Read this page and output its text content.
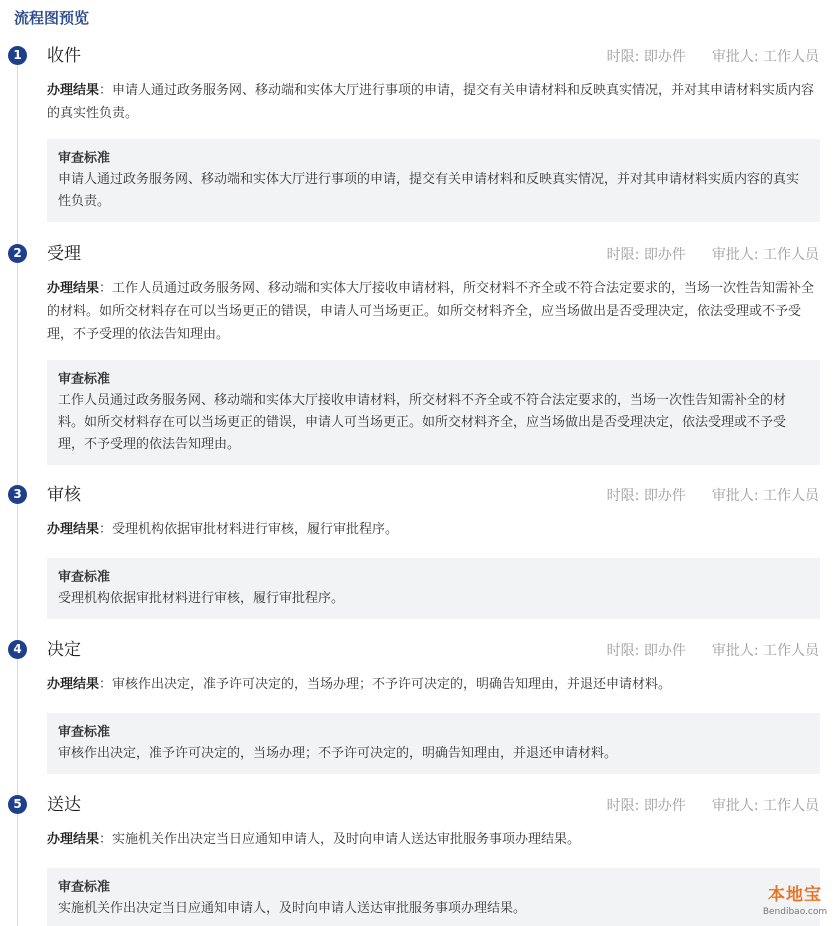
流程图预览
1	收件	时限: 即办件 审批人: 工作人员
办理结果：申请人通过政务服务网、移动端和实体大厅进行事项的申请，提交有关申请材料和反映真实情况，并对其申请材料实质内容的真实性负责。
审查标准
申请人通过政务服务网、移动端和实体大厅进行事项的申请，提交有关申请材料和反映真实情况，并对其申请材料实质内容的真实性负责。
2	受理	时限: 即办件 审批人: 工作人员
办理结果：工作人员通过政务服务网、移动端和实体大厅接收申请材料，所交材料不齐全或不符合法定要求的，当场一次性告知需补全的材料。如所交材料存在可以当场更正的错误，申请人可当场更正。如所交材料齐全，应当场做出是否受理决定，依法受理或不予受理，不予受理的依法告知理由。
审查标准
工作人员通过政务服务网、移动端和实体大厅接收申请材料，所交材料不齐全或不符合法定要求的，当场一次性告知需补全的材料。如所交材料存在可以当场更正的错误，申请人可当场更正。如所交材料齐全，应当场做出是否受理决定，依法受理或不予受理，不予受理的依法告知理由。
3	审核	时限: 即办件 审批人: 工作人员
办理结果：受理机构依据审批材料进行审核，履行审批程序。
审查标准
受理机构依据审批材料进行审核，履行审批程序。
4	决定	时限: 即办件 审批人: 工作人员
办理结果：审核作出决定，准予许可决定的，当场办理；不予许可决定的，明确告知理由，并退还申请材料。
审查标准
审核作出决定，准予许可决定的，当场办理；不予许可决定的，明确告知理由，并退还申请材料。
5	送达	时限: 即办件 审批人: 工作人员
办理结果：实施机关作出决定当日应通知申请人，及时向申请人送达审批服务事项办理结果。
审查标准
实施机关作出决定当日应通知申请人，及时向申请人送达审批服务事项办理结果。
本地宝
Bendibao.com
